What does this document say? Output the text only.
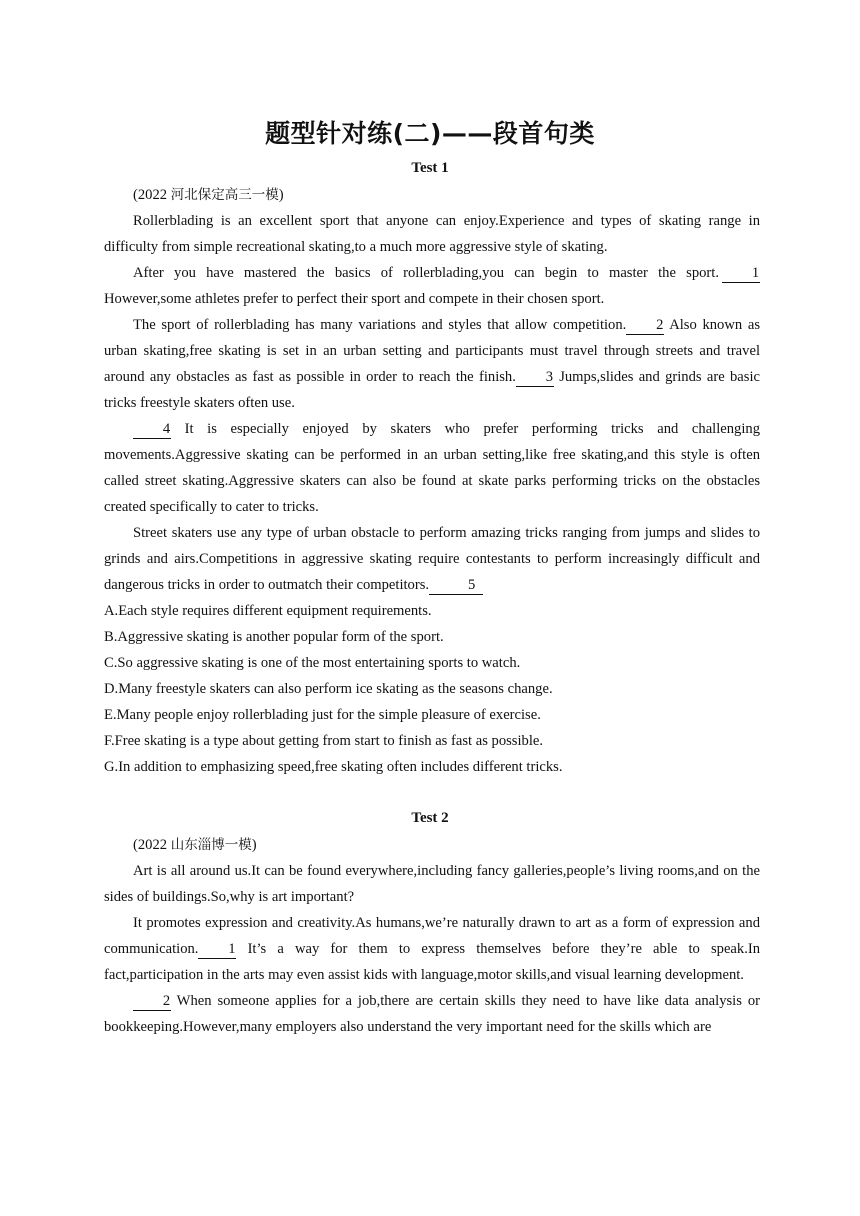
题型针对练(二)——段首句类
Test 1
(2022 河北保定高三一模)

Rollerblading is an excellent sport that anyone can enjoy.Experience and types of skating range in difficulty from simple recreational skating,to a much more aggressive style of skating.

After you have mastered the basics of rollerblading,you can begin to master the sport. 1 However,some athletes prefer to perfect their sport and compete in their chosen sport.

The sport of rollerblading has many variations and styles that allow competition. 2 Also known as urban skating,free skating is set in an urban setting and participants must travel through streets and travel around any obstacles as fast as possible in order to reach the finish. 3 Jumps,slides and grinds are basic tricks freestyle skaters often use.

4 It is especially enjoyed by skaters who prefer performing tricks and challenging movements.Aggressive skating can be performed in an urban setting,like free skating,and this style is often called street skating.Aggressive skaters can also be found at skate parks performing tricks on the obstacles created specifically to cater to tricks.

Street skaters use any type of urban obstacle to perform amazing tricks ranging from jumps and slides to grinds and airs.Competitions in aggressive skating require contestants to perform increasingly difficult and dangerous tricks in order to outmatch their competitors.	5

A.Each style requires different equipment requirements.
B.Aggressive skating is another popular form of the sport.
C.So aggressive skating is one of the most entertaining sports to watch.
D.Many freestyle skaters can also perform ice skating as the seasons change.
E.Many people enjoy rollerblading just for the simple pleasure of exercise.
F.Free skating is a type about getting from start to finish as fast as possible.
G.In addition to emphasizing speed,free skating often includes different tricks.
Test 2
(2022 山东淄博一模)

Art is all around us.It can be found everywhere,including fancy galleries,people’s living rooms,and on the sides of buildings.So,why is art important?

It promotes expression and creativity.As humans,we’re naturally drawn to art as a form of expression and communication. 1 It’s a way for them to express themselves before they’re able to speak.In fact,participation in the arts may even assist kids with language,motor skills,and visual learning development.

2 When someone applies for a job,there are certain skills they need to have like data analysis or bookkeeping.However,many employers also understand the very important need for the skills which are
